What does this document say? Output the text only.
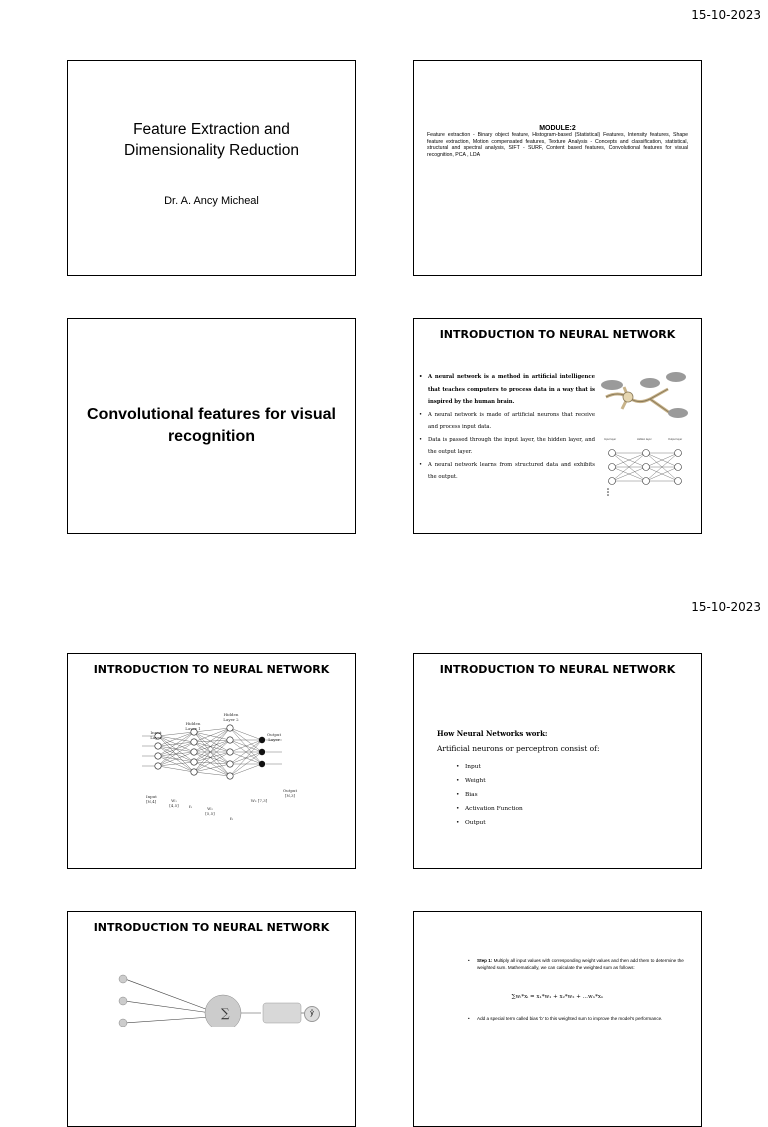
15-10-2023
Feature Extraction and Dimensionality Reduction
Dr. A. Ancy Micheal
MODULE:2
Feature extraction - Binary object feature, Histogram-based (Statistical) Features, Intensity features, Shape feature extraction, Motion compensated features, Texture Analysis - Concepts and classification, statistical, structural and spectral analysis, SIFT - SURF, Content based features, Convolutional features for visual recognition, PCA , LDA
Convolutional features for visual recognition
INTRODUCTION TO NEURAL NETWORK
• A neural network is a method in artificial intelligence that teaches computers to process data in a way that is inspired by the human brain.
• A neural network is made of artificial neurons that receive and process input data.
• Data is passed through the input layer, the hidden layer, and the output layer.
• A neural network learns from structured data and exhibits the output.
Input layer	Hidden layer	Output layer
15-10-2023
INTRODUCTION TO NEURAL NETWORK
Input Layer
Hidden Layer 1
Hidden Layer 2
Output Layer
Input [N,4]	W₁ [4,5]	f₁	W₂ [5,5]
W₃ [7,3]
f₂
Output [N,3]
INTRODUCTION TO NEURAL NETWORK
How Neural Networks work:
Artificial neurons or perceptron consist of:
• Input
• Weight
• Bias
• Activation Function
• Output
INTRODUCTION TO NEURAL NETWORK
∑	ŷ
• Step 1: Multiply all input values with corresponding weight values and then add them to determine the weighted sum. Mathematically, we can calculate the weighted sum as follows:
∑wᵢ*xᵢ = x₁*w₁ + x₂*w₂ + …wₙ*xₙ
• Add a special term called bias 'b' to this weighted sum to improve the model's performance.
